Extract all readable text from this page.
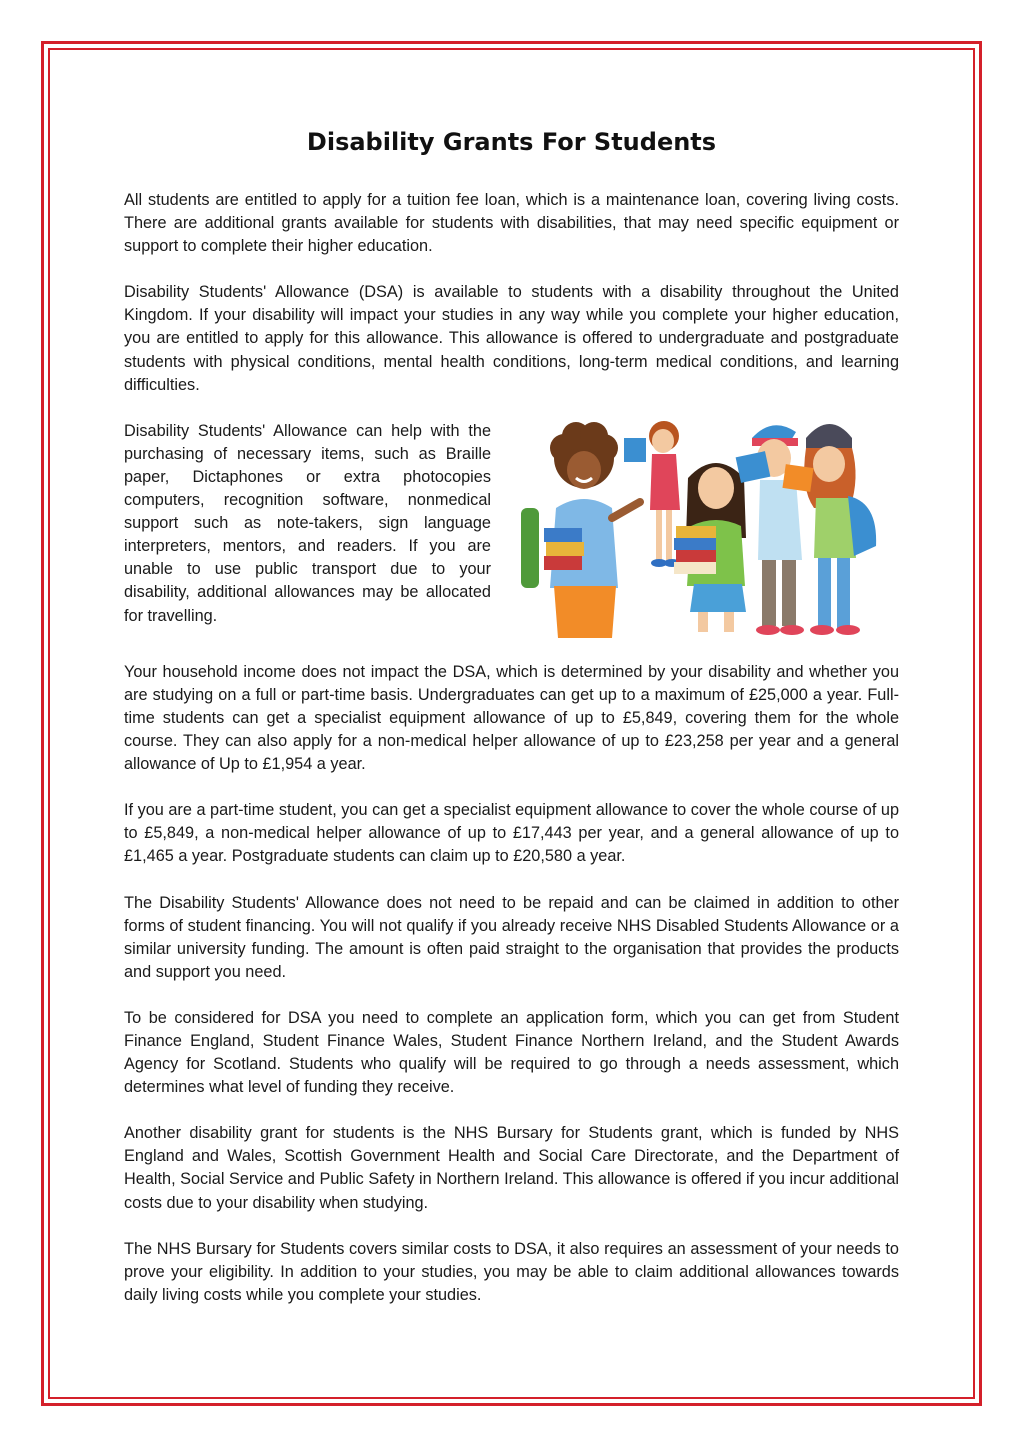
Disability Grants For Students

All students are entitled to apply for a tuition fee loan, which is a maintenance loan, covering living costs. There are additional grants available for students with disabilities, that may need specific equipment or support to complete their higher education.

Disability Students' Allowance (DSA) is available to students with a disability throughout the United Kingdom. If your disability will impact your studies in any way while you complete your higher education, you are entitled to apply for this allowance. This allowance is offered to undergraduate and postgraduate students with physical conditions, mental health conditions, long-term medical conditions, and learning difficulties.

Disability Students' Allowance can help with the purchasing of necessary items, such as Braille paper, Dictaphones or extra photocopies computers, recognition software, nonmedical support such as note-takers, sign language interpreters, mentors, and readers. If you are unable to use public transport due to your disability, additional allowances may be allocated for travelling.

Your household income does not impact the DSA, which is determined by your disability and whether you are studying on a full or part-time basis. Undergraduates can get up to a maximum of £25,000 a year. Full-time students can get a specialist equipment allowance of up to £5,849, covering them for the whole course. They can also apply for a non-medical helper allowance of up to £23,258 per year and a general allowance of Up to £1,954 a year.

If you are a part-time student, you can get a specialist equipment allowance to cover the whole course of up to £5,849, a non-medical helper allowance of up to £17,443 per year, and a general allowance of up to £1,465 a year. Postgraduate students can claim up to £20,580 a year.

The Disability Students' Allowance does not need to be repaid and can be claimed in addition to other forms of student financing. You will not qualify if you already receive NHS Disabled Students Allowance or a similar university funding. The amount is often paid straight to the organisation that provides the products and support you need.

To be considered for DSA you need to complete an application form, which you can get from Student Finance England, Student Finance Wales, Student Finance Northern Ireland, and the Student Awards Agency for Scotland. Students who qualify will be required to go through a needs assessment, which determines what level of funding they receive.

Another disability grant for students is the NHS Bursary for Students grant, which is funded by NHS England and Wales, Scottish Government Health and Social Care Directorate, and the Department of Health, Social Service and Public Safety in Northern Ireland. This allowance is offered if you incur additional costs due to your disability when studying.

The NHS Bursary for Students covers similar costs to DSA, it also requires an assessment of your needs to prove your eligibility. In addition to your studies, you may be able to claim additional allowances towards daily living costs while you complete your studies.
